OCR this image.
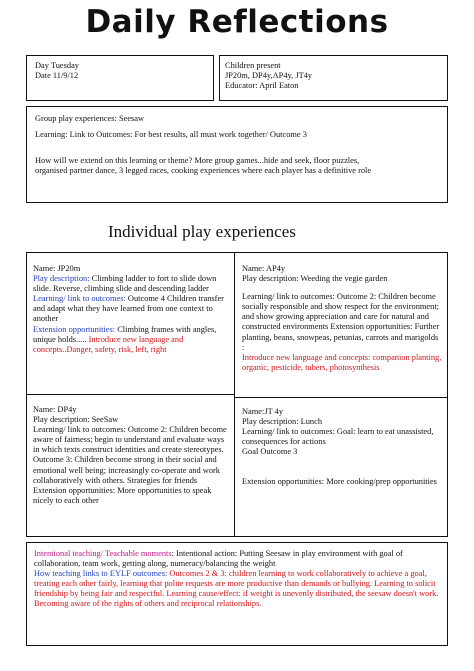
Daily Reflections
Day Tuesday
Date 11/9/12
Children present
JP20m, DP4y,AP4y, JT4y
Educator: April Eaton
Group play experiences: Seesaw
Learning: Link to Outcomes: For best results, all must work together/ Outcome 3
How will we extend on this learning or theme? More group games...hide and seek, floor puzzles,
organised partner dance, 3 legged races, cooking experiences where each player has a definitive role
Individual play experiences
Name: JP20m
Play description: Climbing ladder to fort to slide down slide. Reverse, climbing slide and descending ladder
Learning/ link to outcomes: Outcome 4 Children transfer and adapt what they have learned from one context to another
Extension opportunities: Climbing frames with angles, unique holds..... Introduce new language and concepts..Danger, safety, risk, left, right
Name: AP4y
Play description: Weeding the vegie garden
Learning/ link to outcomes: Outcome 2: Children become socially responsible and show respect for the environment; and show growing appreciation and care for natural and constructed environments Extension opportunities: Further planting, beans, snowpeas, petunias, carrots and marigolds :
Introduce new language and concepts: companion planting, organic, pesticide, tubers, photosynthesis
Name: DP4y
Play description: SeeSaw
Learning/ link to outcomes: Outcome 2: Children become aware of fairness; begin to understand and evaluate ways in which texts construct identities and create stereotypes. Outcome 3: Children become strong in their social and emotional well being; increasingly co-operate and work collaboratively with others. Strategies for friends Extension opportunities: More opportunities to speak nicely to each other
Name:JT 4y
Play description: Lunch
Learning/ link to outcomes: Goal: learn to eat unassisted, consequences for actions
Goal Outcome 3
Extension opportunities: More cooking/prep opportunities
Intentional teaching/ Teachable moments: Intentional action: Putting Seesaw in play environment with goal of collaboration, team work, getting along, numeracy/balancing the weight
How teaching links to EYLF outcomes: Outcomes 2 & 3: children learning to work collaboratively to achieve a goal, treating each other fairly, learning that polite requests are more productive than demands or bullying. Learning to solicit friendship by being fair and respectful. Learning cause/effect: if weight is unevenly distributed, the seesaw doesn't work. Becoming aware of the rights of others and reciprocal relationships.
